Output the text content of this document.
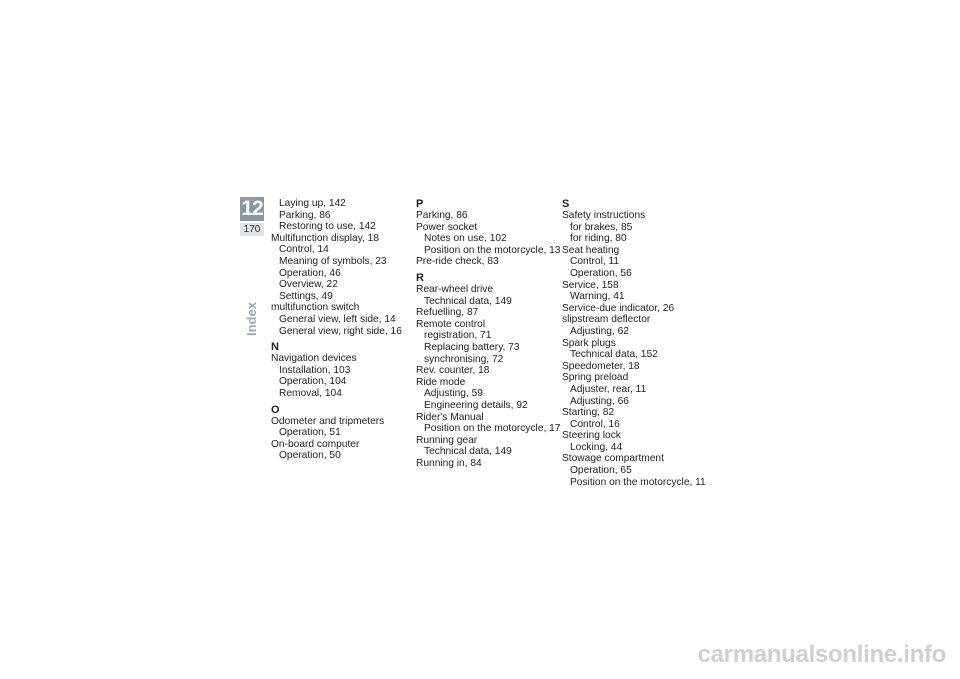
12
170
Index
Laying up, 142
Parking, 86
Restoring to use, 142
Multifunction display, 18
Control, 14
Meaning of symbols, 23
Operation, 46
Overview, 22
Settings, 49
multifunction switch
General view, left side, 14
General view, right side, 16
N
Navigation devices
Installation, 103
Operation, 104
Removal, 104
O
Odometer and tripmeters
Operation, 51
On-board computer
Operation, 50
P
Parking, 86
Power socket
Notes on use, 102
Position on the motorcycle, 13
Pre-ride check, 83
R
Rear-wheel drive
Technical data, 149
Refuelling, 87
Remote control
registration, 71
Replacing battery, 73
synchronising, 72
Rev. counter, 18
Ride mode
Adjusting, 59
Engineering details, 92
Rider's Manual
Position on the motorcycle, 17
Running gear
Technical data, 149
Running in, 84
S
Safety instructions
for brakes, 85
for riding, 80
Seat heating
Control, 11
Operation, 56
Service, 158
Warning, 41
Service-due indicator, 26
slipstream deflector
Adjusting, 62
Spark plugs
Technical data, 152
Speedometer, 18
Spring preload
Adjuster, rear, 11
Adjusting, 66
Starting, 82
Control, 16
Steering lock
Locking, 44
Stowage compartment
Operation, 65
Position on the motorcycle, 11
carmanualsonline.info
